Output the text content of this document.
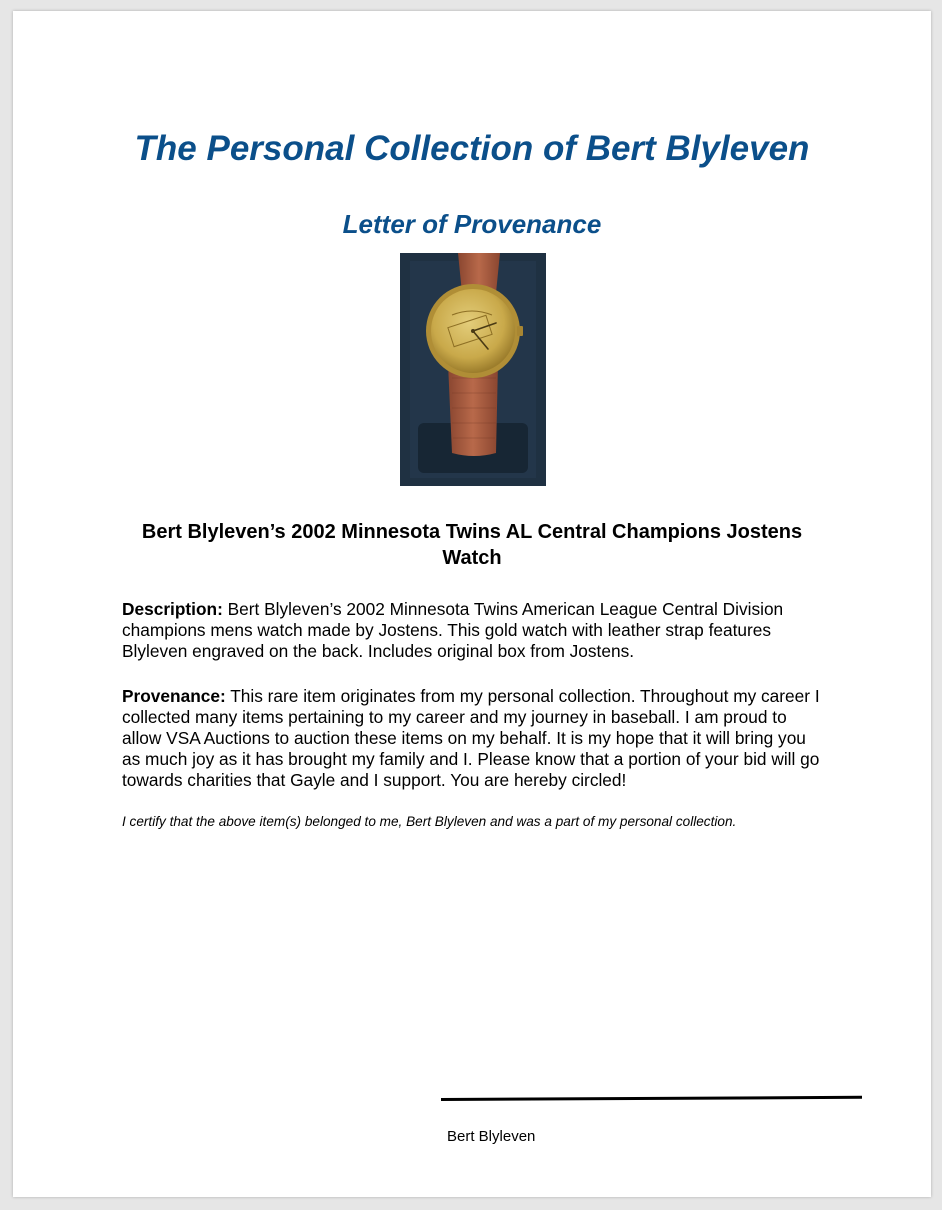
The Personal Collection of Bert Blyleven
Letter of Provenance

Bert Blyleven’s 2002 Minnesota Twins AL Central Champions Jostens Watch

Description: Bert Blyleven’s 2002 Minnesota Twins American League Central Division champions mens watch made by Jostens. This gold watch with leather strap features Blyleven engraved on the back. Includes original box from Jostens.

Provenance: This rare item originates from my personal collection. Throughout my career I collected many items pertaining to my career and my journey in baseball. I am proud to allow VSA Auctions to auction these items on my behalf. It is my hope that it will bring you as much joy as it has brought my family and I. Please know that a portion of your bid will go towards charities that Gayle and I support. You are hereby circled!

I certify that the above item(s) belonged to me, Bert Blyleven and was a part of my personal collection.

Bert Blyleven
